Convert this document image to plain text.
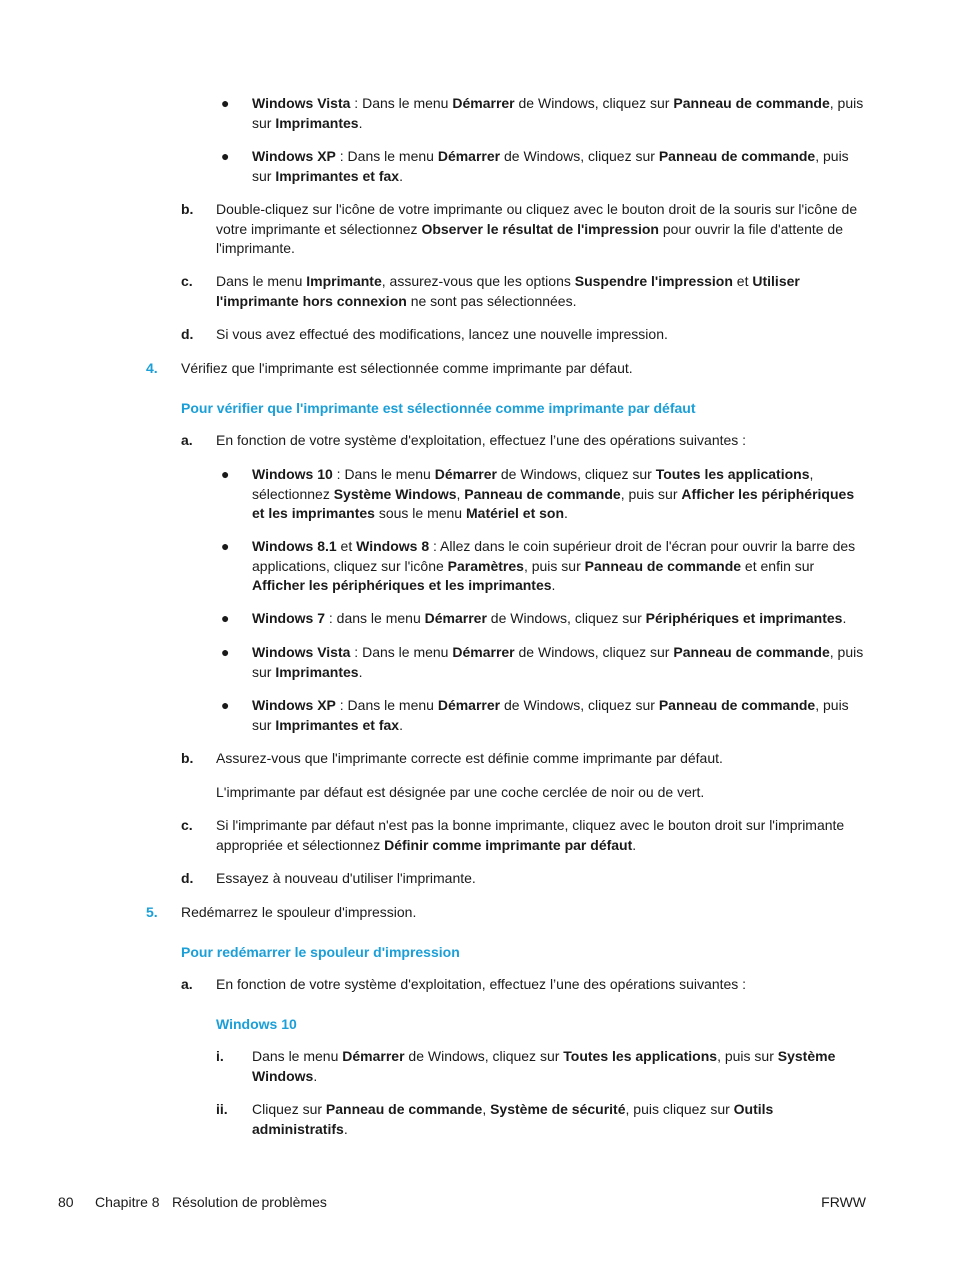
● Windows Vista : Dans le menu Démarrer de Windows, cliquez sur Panneau de commande, puis sur Imprimantes.

● Windows XP : Dans le menu Démarrer de Windows, cliquez sur Panneau de commande, puis sur Imprimantes et fax.

b. Double-cliquez sur l'icône de votre imprimante ou cliquez avec le bouton droit de la souris sur l'icône de votre imprimante et sélectionnez Observer le résultat de l'impression pour ouvrir la file d'attente de l'imprimante.

c. Dans le menu Imprimante, assurez-vous que les options Suspendre l'impression et Utiliser l'imprimante hors connexion ne sont pas sélectionnées.

d. Si vous avez effectué des modifications, lancez une nouvelle impression.

4. Vérifiez que l'imprimante est sélectionnée comme imprimante par défaut.

Pour vérifier que l'imprimante est sélectionnée comme imprimante par défaut

a. En fonction de votre système d'exploitation, effectuez l’une des opérations suivantes :

● Windows 10 : Dans le menu Démarrer de Windows, cliquez sur Toutes les applications, sélectionnez Système Windows, Panneau de commande, puis sur Afficher les périphériques et les imprimantes sous le menu Matériel et son.

● Windows 8.1 et Windows 8 : Allez dans le coin supérieur droit de l'écran pour ouvrir la barre des applications, cliquez sur l'icône Paramètres, puis sur Panneau de commande et enfin sur Afficher les périphériques et les imprimantes.

● Windows 7 : dans le menu Démarrer de Windows, cliquez sur Périphériques et imprimantes.

● Windows Vista : Dans le menu Démarrer de Windows, cliquez sur Panneau de commande, puis sur Imprimantes.

● Windows XP : Dans le menu Démarrer de Windows, cliquez sur Panneau de commande, puis sur Imprimantes et fax.

b. Assurez-vous que l'imprimante correcte est définie comme imprimante par défaut.

L'imprimante par défaut est désignée par une coche cerclée de noir ou de vert.

c. Si l'imprimante par défaut n'est pas la bonne imprimante, cliquez avec le bouton droit sur l'imprimante appropriée et sélectionnez Définir comme imprimante par défaut.

d. Essayez à nouveau d'utiliser l'imprimante.

5. Redémarrez le spouleur d'impression.

Pour redémarrer le spouleur d'impression

a. En fonction de votre système d'exploitation, effectuez l’une des opérations suivantes :

Windows 10

i. Dans le menu Démarrer de Windows, cliquez sur Toutes les applications, puis sur Système Windows.

ii. Cliquez sur Panneau de commande, Système de sécurité, puis cliquez sur Outils administratifs.

80 Chapitre 8 Résolution de problèmes	FRWW
